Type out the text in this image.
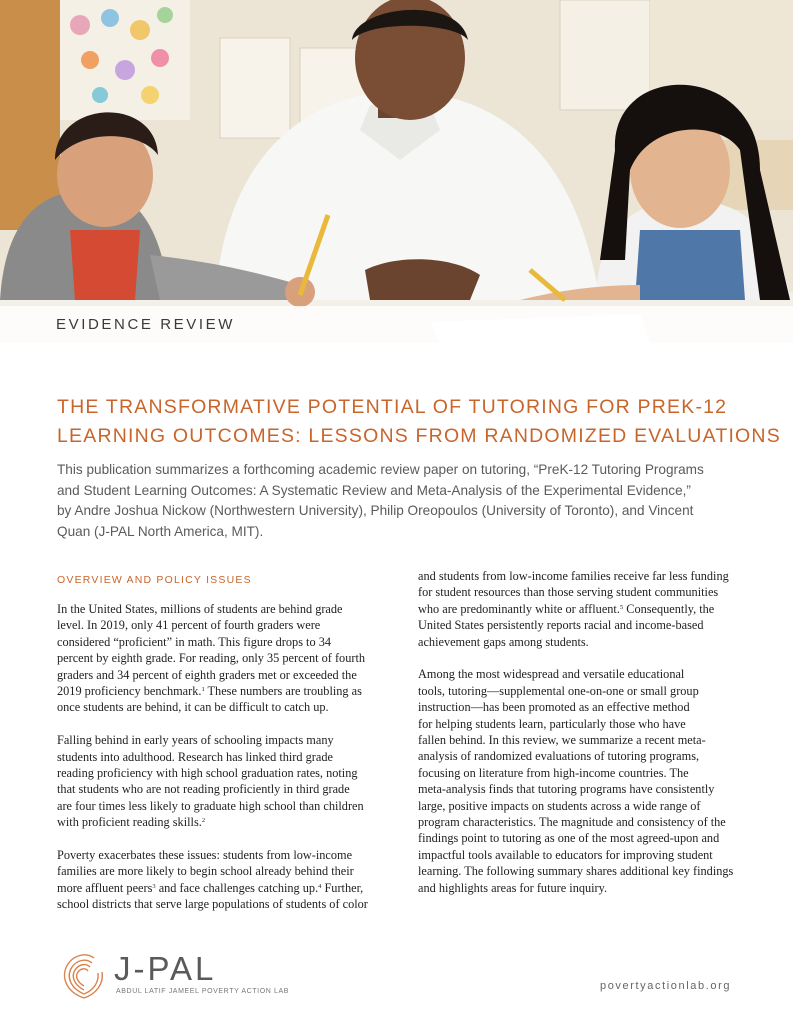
EVIDENCE REVIEW
THE TRANSFORMATIVE POTENTIAL OF TUTORING FOR PREK-12
LEARNING OUTCOMES: LESSONS FROM RANDOMIZED EVALUATIONS
This publication summarizes a forthcoming academic review paper on tutoring, “PreK-12 Tutoring Programs
and Student Learning Outcomes: A Systematic Review and Meta-Analysis of the Experimental Evidence,”
by Andre Joshua Nickow (Northwestern University), Philip Oreopoulos (University of Toronto), and Vincent
Quan (J-PAL North America, MIT).
OVERVIEW AND POLICY ISSUES

In the United States, millions of students are behind grade
level. In 2019, only 41 percent of fourth graders were
considered “proficient” in math. This figure drops to 34
percent by eighth grade. For reading, only 35 percent of fourth
graders and 34 percent of eighth graders met or exceeded the
2019 proficiency benchmark.$^1$ These numbers are troubling as
once students are behind, it can be difficult to catch up.

Falling behind in early years of schooling impacts many
students into adulthood. Research has linked third grade
reading proficiency with high school graduation rates, noting
that students who are not reading proficiently in third grade
are four times less likely to graduate high school than children
with proficient reading skills.$^2$

Poverty exacerbates these issues: students from low-income
families are more likely to begin school already behind their
more affluent peers$^3$ and face challenges catching up.$^4$ Further,
school districts that serve large populations of students of color

and students from low-income families receive far less funding
for student resources than those serving student communities
who are predominantly white or affluent.$^5$ Consequently, the
United States persistently reports racial and income-based
achievement gaps among students.

Among the most widespread and versatile educational
tools, tutoring—supplemental one-on-one or small group
instruction—has been promoted as an effective method
for helping students learn, particularly those who have
fallen behind. In this review, we summarize a recent meta-
analysis of randomized evaluations of tutoring programs,
focusing on literature from high-income countries. The
meta-analysis finds that tutoring programs have consistently
large, positive impacts on students across a wide range of
program characteristics. The magnitude and consistency of the
findings point to tutoring as one of the most agreed-upon and
impactful tools available to educators for improving student
learning. The following summary shares additional key findings
and highlights areas for future inquiry.

J-PAL
ABDUL LATIF JAMEEL POVERTY ACTION LAB	povertyactionlab.org
